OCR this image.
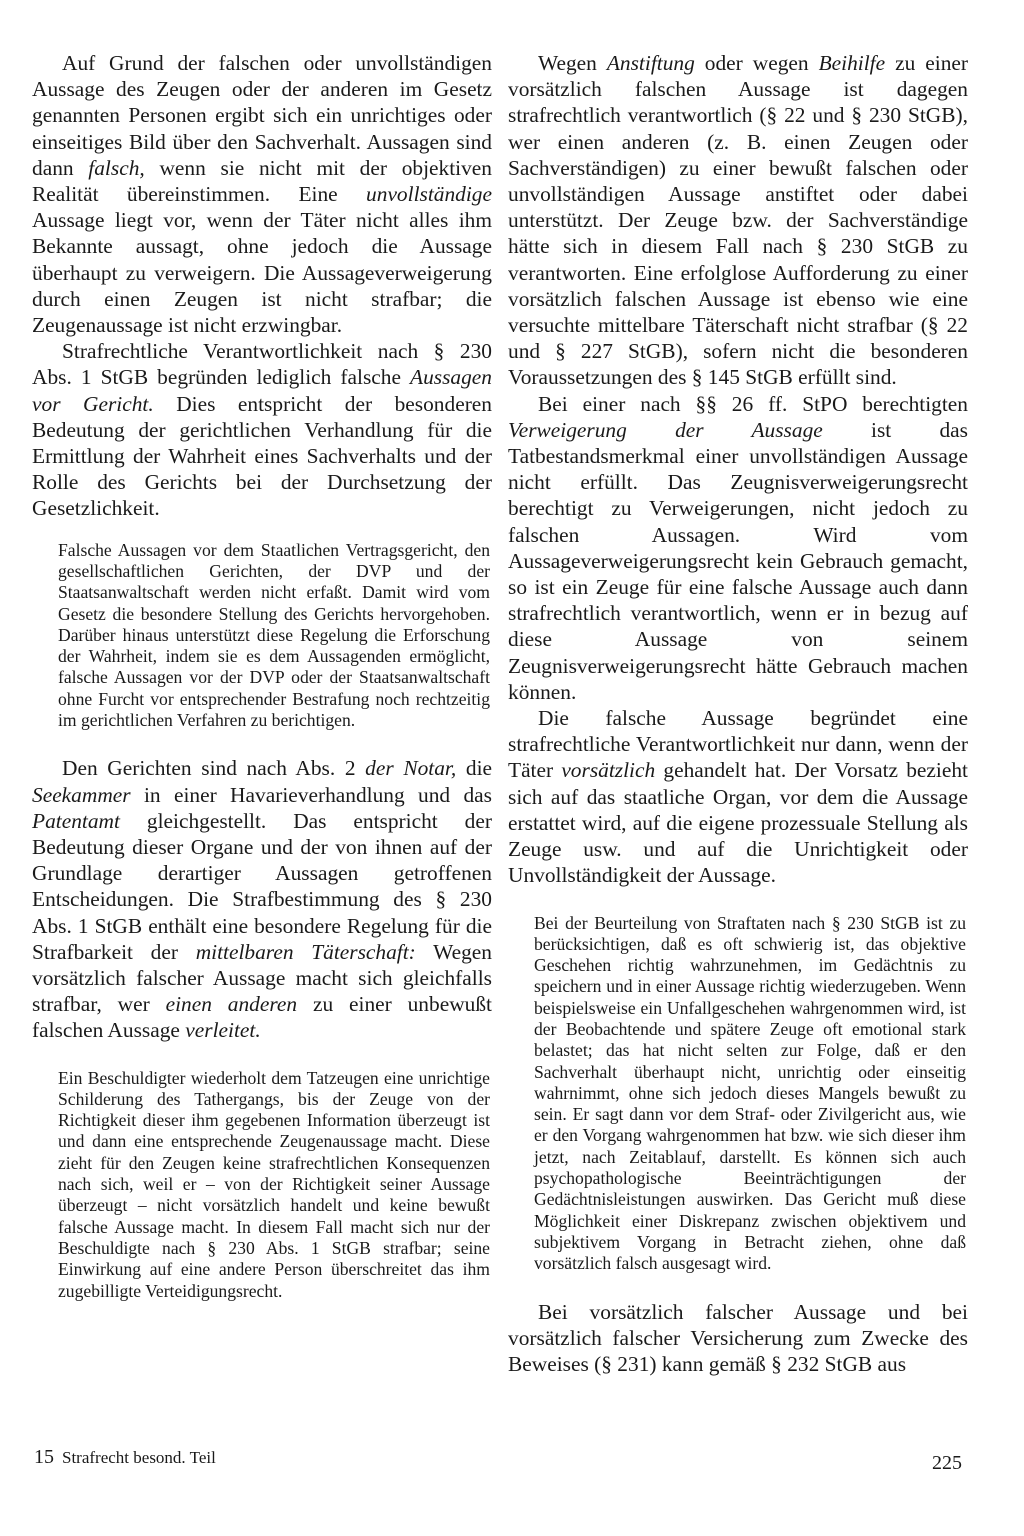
Auf Grund der falschen oder unvollständigen Aussage des Zeugen oder der anderen im Gesetz genannten Personen ergibt sich ein unrichtiges oder einseitiges Bild über den Sachverhalt. Aussagen sind dann falsch, wenn sie nicht mit der objektiven Realität übereinstimmen. Eine unvollständige Aussage liegt vor, wenn der Täter nicht alles ihm Bekannte aussagt, ohne jedoch die Aussage überhaupt zu verweigern. Die Aussageverweigerung durch einen Zeugen ist nicht strafbar; die Zeugenaussage ist nicht erzwingbar.

Strafrechtliche Verantwortlichkeit nach § 230 Abs. 1 StGB begründen lediglich falsche Aussagen vor Gericht. Dies entspricht der besonderen Bedeutung der gerichtlichen Verhandlung für die Ermittlung der Wahrheit eines Sachverhalts und der Rolle des Gerichts bei der Durchsetzung der Gesetzlichkeit.

Falsche Aussagen vor dem Staatlichen Vertragsgericht, den gesellschaftlichen Gerichten, der DVP und der Staatsanwaltschaft werden nicht erfaßt. Damit wird vom Gesetz die besondere Stellung des Gerichts hervorgehoben. Darüber hinaus unterstützt diese Regelung die Erforschung der Wahrheit, indem sie es dem Aussagenden ermöglicht, falsche Aussagen vor der DVP oder der Staatsanwaltschaft ohne Furcht vor entsprechender Bestrafung noch rechtzeitig im gerichtlichen Verfahren zu berichtigen.

Den Gerichten sind nach Abs. 2 der Notar, die Seekammer in einer Havarieverhandlung und das Patentamt gleichgestellt. Das entspricht der Bedeutung dieser Organe und der von ihnen auf der Grundlage derartiger Aussagen getroffenen Entscheidungen. Die Strafbestimmung des § 230 Abs. 1 StGB enthält eine besondere Regelung für die Strafbarkeit der mittelbaren Täterschaft: Wegen vorsätzlich falscher Aussage macht sich gleichfalls strafbar, wer einen anderen zu einer unbewußt falschen Aussage verleitet.

Ein Beschuldigter wiederholt dem Tatzeugen eine unrichtige Schilderung des Tathergangs, bis der Zeuge von der Richtigkeit dieser ihm gegebenen Information überzeugt ist und dann eine entsprechende Zeugenaussage macht. Diese zieht für den Zeugen keine strafrechtlichen Konsequenzen nach sich, weil er – von der Richtigkeit seiner Aussage überzeugt – nicht vorsätzlich handelt und keine bewußt falsche Aussage macht. In diesem Fall macht sich nur der Beschuldigte nach § 230 Abs. 1 StGB strafbar; seine Einwirkung auf eine andere Person überschreitet das ihm zugebilligte Verteidigungsrecht.

Wegen Anstiftung oder wegen Beihilfe zu einer vorsätzlich falschen Aussage ist dagegen strafrechtlich verantwortlich (§ 22 und § 230 StGB), wer einen anderen (z. B. einen Zeugen oder Sachverständigen) zu einer bewußt falschen oder unvollständigen Aussage anstiftet oder dabei unterstützt. Der Zeuge bzw. der Sachverständige hätte sich in diesem Fall nach § 230 StGB zu verantworten. Eine erfolglose Aufforderung zu einer vorsätzlich falschen Aussage ist ebenso wie eine versuchte mittelbare Täterschaft nicht strafbar (§ 22 und § 227 StGB), sofern nicht die besonderen Voraussetzungen des § 145 StGB erfüllt sind.

Bei einer nach §§ 26 ff. StPO berechtigten Verweigerung der Aussage ist das Tatbestandsmerkmal einer unvollständigen Aussage nicht erfüllt. Das Zeugnisverweigerungsrecht berechtigt zu Verweigerungen, nicht jedoch zu falschen Aussagen. Wird vom Aussageverweigerungsrecht kein Gebrauch gemacht, so ist ein Zeuge für eine falsche Aussage auch dann strafrechtlich verantwortlich, wenn er in bezug auf diese Aussage von seinem Zeugnisverweigerungsrecht hätte Gebrauch machen können.

Die falsche Aussage begründet eine strafrechtliche Verantwortlichkeit nur dann, wenn der Täter vorsätzlich gehandelt hat. Der Vorsatz bezieht sich auf das staatliche Organ, vor dem die Aussage erstattet wird, auf die eigene prozessuale Stellung als Zeuge usw. und auf die Unrichtigkeit oder Unvollständigkeit der Aussage.

Bei der Beurteilung von Straftaten nach § 230 StGB ist zu berücksichtigen, daß es oft schwierig ist, das objektive Geschehen richtig wahrzunehmen, im Gedächtnis zu speichern und in einer Aussage richtig wiederzugeben. Wenn beispielsweise ein Unfallgeschehen wahrgenommen wird, ist der Beobachtende und spätere Zeuge oft emotional stark belastet; das hat nicht selten zur Folge, daß er den Sachverhalt überhaupt nicht, unrichtig oder einseitig wahrnimmt, ohne sich jedoch dieses Mangels bewußt zu sein. Er sagt dann vor dem Straf- oder Zivilgericht aus, wie er den Vorgang wahrgenommen hat bzw. wie sich dieser ihm jetzt, nach Zeitablauf, darstellt. Es können sich auch psychopathologische Beeinträchtigungen der Gedächtnisleistungen auswirken. Das Gericht muß diese Möglichkeit einer Diskrepanz zwischen objektivem und subjektivem Vorgang in Betracht ziehen, ohne daß vorsätzlich falsch ausgesagt wird.

Bei vorsätzlich falscher Aussage und bei vorsätzlich falscher Versicherung zum Zwecke des Beweises (§ 231) kann gemäß § 232 StGB aus

15 Strafrecht besond. Teil	225
